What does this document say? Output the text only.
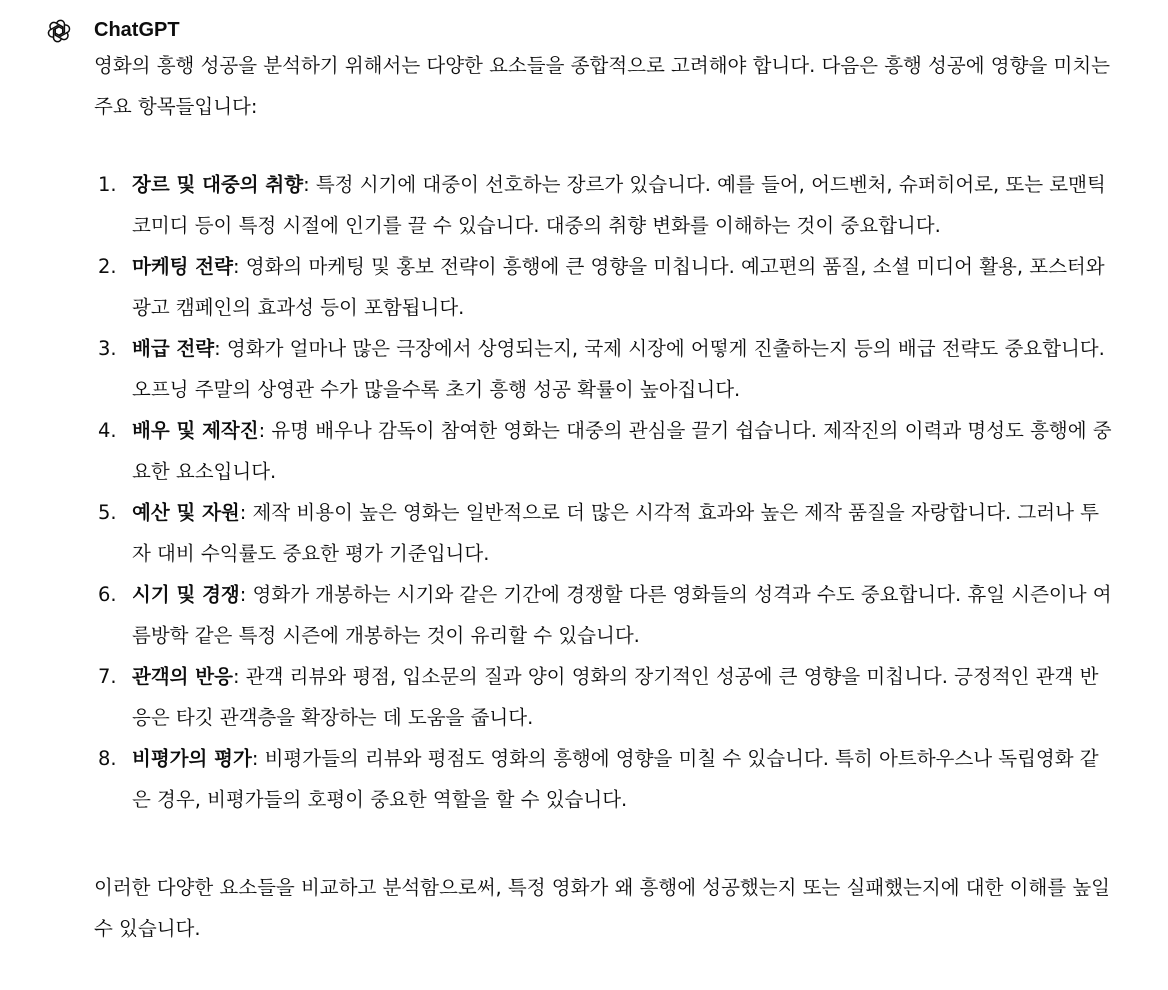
ChatGPT

영화의 흥행 성공을 분석하기 위해서는 다양한 요소들을 종합적으로 고려해야 합니다. 다음은 흥행 성공에 영향을 미치는 주요 항목들입니다:

1. 장르 및 대중의 취향: 특정 시기에 대중이 선호하는 장르가 있습니다. 예를 들어, 어드벤처, 슈퍼히어로, 또는 로맨틱 코미디 등이 특정 시절에 인기를 끌 수 있습니다. 대중의 취향 변화를 이해하는 것이 중요합니다.
2. 마케팅 전략: 영화의 마케팅 및 홍보 전략이 흥행에 큰 영향을 미칩니다. 예고편의 품질, 소셜 미디어 활용, 포스터와 광고 캠페인의 효과성 등이 포함됩니다.
3. 배급 전략: 영화가 얼마나 많은 극장에서 상영되는지, 국제 시장에 어떻게 진출하는지 등의 배급 전략도 중요합니다. 오프닝 주말의 상영관 수가 많을수록 초기 흥행 성공 확률이 높아집니다.
4. 배우 및 제작진: 유명 배우나 감독이 참여한 영화는 대중의 관심을 끌기 쉽습니다. 제작진의 이력과 명성도 흥행에 중요한 요소입니다.
5. 예산 및 자원: 제작 비용이 높은 영화는 일반적으로 더 많은 시각적 효과와 높은 제작 품질을 자랑합니다. 그러나 투자 대비 수익률도 중요한 평가 기준입니다.
6. 시기 및 경쟁: 영화가 개봉하는 시기와 같은 기간에 경쟁할 다른 영화들의 성격과 수도 중요합니다. 휴일 시즌이나 여름방학 같은 특정 시즌에 개봉하는 것이 유리할 수 있습니다.
7. 관객의 반응: 관객 리뷰와 평점, 입소문의 질과 양이 영화의 장기적인 성공에 큰 영향을 미칩니다. 긍정적인 관객 반응은 타깃 관객층을 확장하는 데 도움을 줍니다.
8. 비평가의 평가: 비평가들의 리뷰와 평점도 영화의 흥행에 영향을 미칠 수 있습니다. 특히 아트하우스나 독립영화 같은 경우, 비평가들의 호평이 중요한 역할을 할 수 있습니다.

이러한 다양한 요소들을 비교하고 분석함으로써, 특정 영화가 왜 흥행에 성공했는지 또는 실패했는지에 대한 이해를 높일 수 있습니다.
